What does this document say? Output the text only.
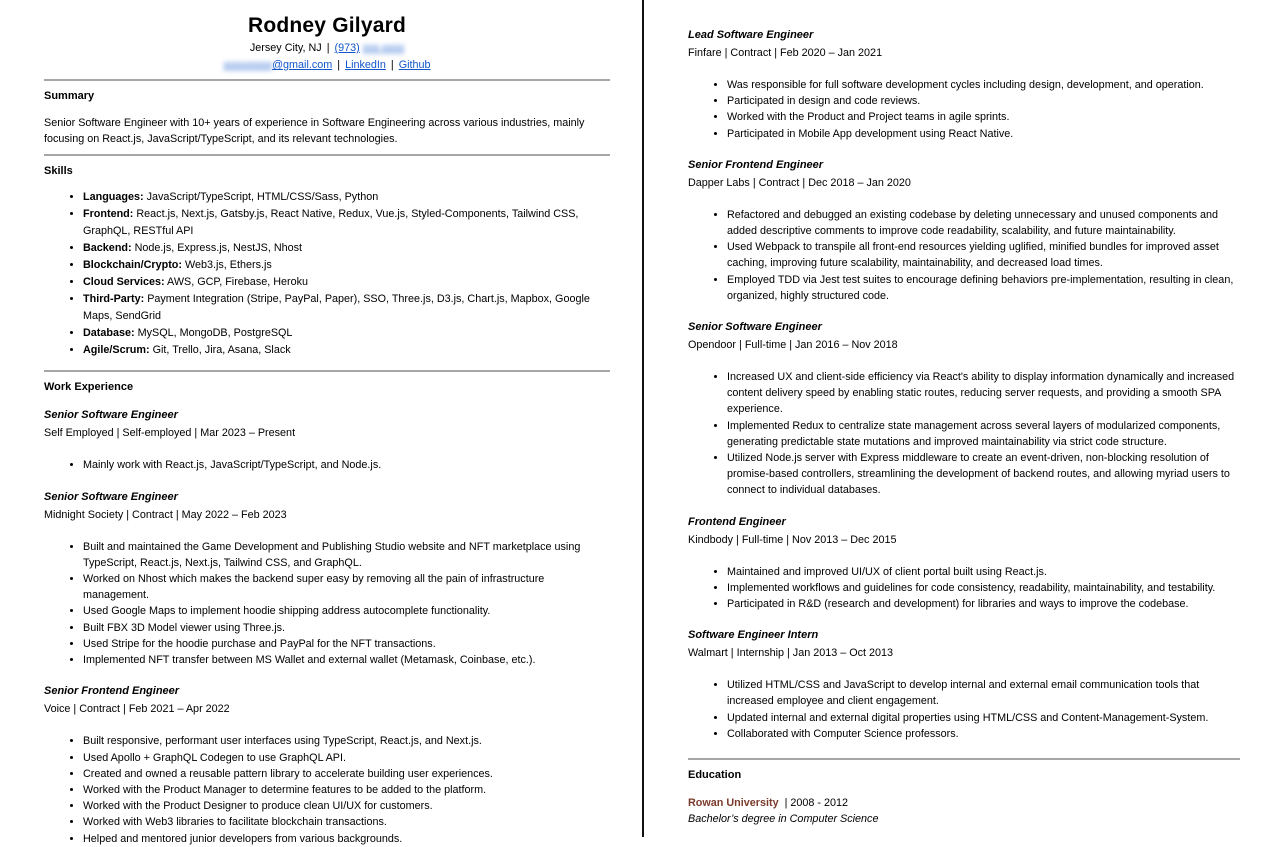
Rodney Gilyard
Jersey City, NJ | (973) xxx-xxxx
xxxxxxxxx@gmail.com | LinkedIn | Github
Summary
Senior Software Engineer with 10+ years of experience in Software Engineering across various industries, mainly focusing on React.js, JavaScript/TypeScript, and its relevant technologies.
Skills
• Languages: JavaScript/TypeScript, HTML/CSS/Sass, Python
• Frontend: React.js, Next.js, Gatsby.js, React Native, Redux, Vue.js, Styled-Components, Tailwind CSS, GraphQL, RESTful API
• Backend: Node.js, Express.js, NestJS, Nhost
• Blockchain/Crypto: Web3.js, Ethers.js
• Cloud Services: AWS, GCP, Firebase, Heroku
• Third-Party: Payment Integration (Stripe, PayPal, Paper), SSO, Three.js, D3.js, Chart.js, Mapbox, Google Maps, SendGrid
• Database: MySQL, MongoDB, PostgreSQL
• Agile/Scrum: Git, Trello, Jira, Asana, Slack
Work Experience
Senior Software Engineer
Self Employed | Self-employed | Mar 2023 – Present
• Mainly work with React.js, JavaScript/TypeScript, and Node.js.
Senior Software Engineer
Midnight Society | Contract | May 2022 – Feb 2023
• Built and maintained the Game Development and Publishing Studio website and NFT marketplace using TypeScript, React.js, Next.js, Tailwind CSS, and GraphQL.
• Worked on Nhost which makes the backend super easy by removing all the pain of infrastructure management.
• Used Google Maps to implement hoodie shipping address autocomplete functionality.
• Built FBX 3D Model viewer using Three.js.
• Used Stripe for the hoodie purchase and PayPal for the NFT transactions.
• Implemented NFT transfer between MS Wallet and external wallet (Metamask, Coinbase, etc.).
Senior Frontend Engineer
Voice | Contract | Feb 2021 – Apr 2022
• Built responsive, performant user interfaces using TypeScript, React.js, and Next.js.
• Used Apollo + GraphQL Codegen to use GraphQL API.
• Created and owned a reusable pattern library to accelerate building user experiences.
• Worked with the Product Manager to determine features to be added to the platform.
• Worked with the Product Designer to produce clean UI/UX for customers.
• Worked with Web3 libraries to facilitate blockchain transactions.
• Helped and mentored junior developers from various backgrounds.
Lead Software Engineer
Finfare | Contract | Feb 2020 – Jan 2021
• Was responsible for full software development cycles including design, development, and operation.
• Participated in design and code reviews.
• Worked with the Product and Project teams in agile sprints.
• Participated in Mobile App development using React Native.
Senior Frontend Engineer
Dapper Labs | Contract | Dec 2018 – Jan 2020
• Refactored and debugged an existing codebase by deleting unnecessary and unused components and added descriptive comments to improve code readability, scalability, and future maintainability.
• Used Webpack to transpile all front-end resources yielding uglified, minified bundles for improved asset caching, improving future scalability, maintainability, and decreased load times.
• Employed TDD via Jest test suites to encourage defining behaviors pre-implementation, resulting in clean, organized, highly structured code.
Senior Software Engineer
Opendoor | Full-time | Jan 2016 – Nov 2018
• Increased UX and client-side efficiency via React's ability to display information dynamically and increased content delivery speed by enabling static routes, reducing server requests, and providing a smooth SPA experience.
• Implemented Redux to centralize state management across several layers of modularized components, generating predictable state mutations and improved maintainability via strict code structure.
• Utilized Node.js server with Express middleware to create an event-driven, non-blocking resolution of promise-based controllers, streamlining the development of backend routes, and allowing myriad users to connect to individual databases.
Frontend Engineer
Kindbody | Full-time | Nov 2013 – Dec 2015
• Maintained and improved UI/UX of client portal built using React.js.
• Implemented workflows and guidelines for code consistency, readability, maintainability, and testability.
• Participated in R&D (research and development) for libraries and ways to improve the codebase.
Software Engineer Intern
Walmart | Internship | Jan 2013 – Oct 2013
• Utilized HTML/CSS and JavaScript to develop internal and external email communication tools that increased employee and client engagement.
• Updated internal and external digital properties using HTML/CSS and Content-Management-System.
• Collaborated with Computer Science professors.
Education
Rowan University | 2008 - 2012
Bachelor’s degree in Computer Science
